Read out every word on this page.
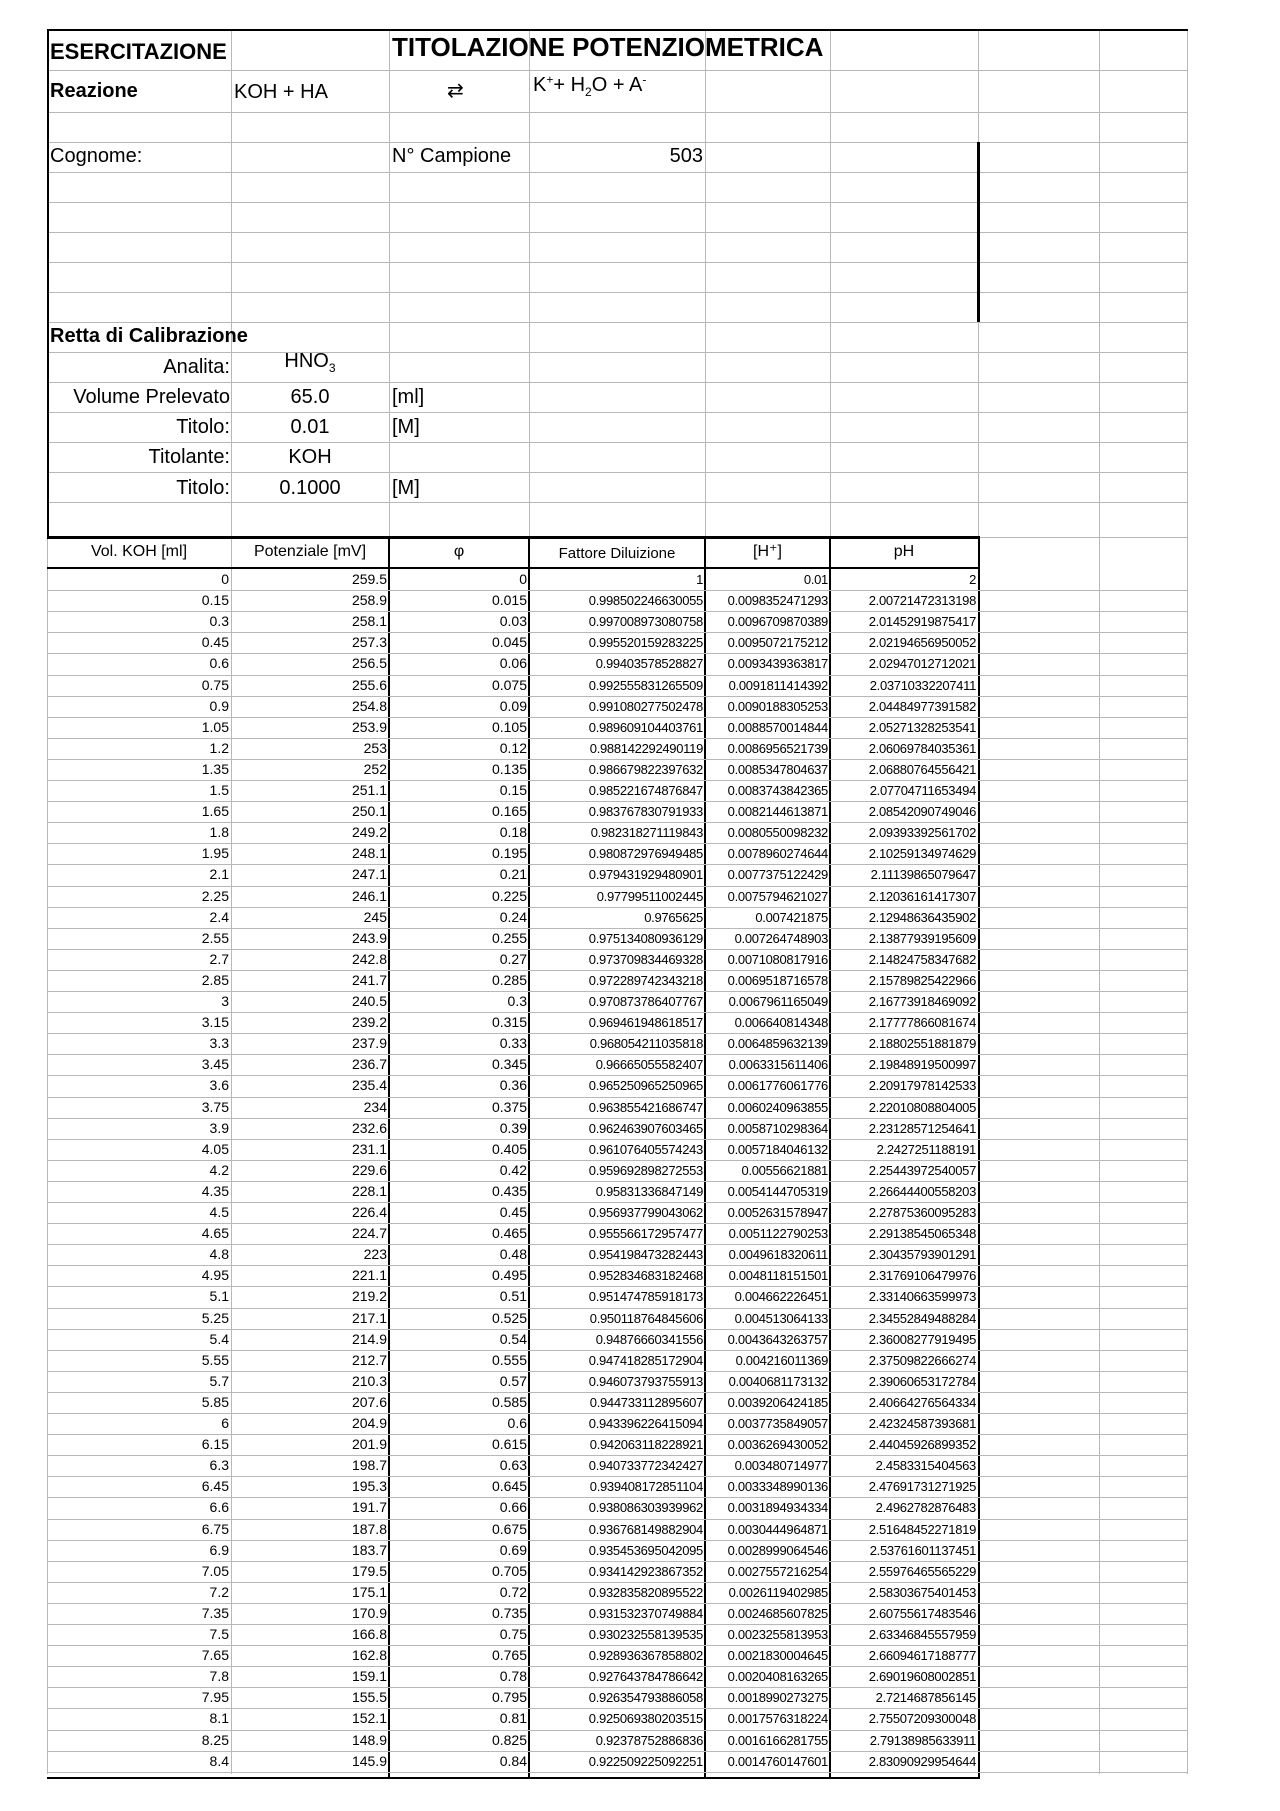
ESERCITAZIONE	TITOLAZIONE POTENZIOMETRICA
Reazione	KOH + HA	⇄	$K^++ H_2O + A^-$
Cognome:	N° Campione	503
Retta di Calibrazione
Analita:	$HNO_3$
Volume Prelevato	65.0	[ml]
Titolo:	0.01	[M]
Titolante:	KOH
Titolo:	0.1000	[M]
Vol. KOH [ml]	Potenziale [mV]	φ	Fattore Diluizione	[H⁺]	pH
0	259.5	0	1	0.01	2
0.15	258.9	0.015	0.998502246630055	0.0098352471293	2.00721472313198
0.3	258.1	0.03	0.997008973080758	0.0096709870389	2.01452919875417
0.45	257.3	0.045	0.995520159283225	0.0095072175212	2.02194656950052
0.6	256.5	0.06	0.99403578528827	0.0093439363817	2.02947012712021
0.75	255.6	0.075	0.992555831265509	0.0091811414392	2.03710332207411
0.9	254.8	0.09	0.991080277502478	0.0090188305253	2.04484977391582
1.05	253.9	0.105	0.989609104403761	0.0088570014844	2.05271328253541
1.2	253	0.12	0.988142292490119	0.0086956521739	2.06069784035361
1.35	252	0.135	0.986679822397632	0.0085347804637	2.06880764556421
1.5	251.1	0.15	0.985221674876847	0.0083743842365	2.07704711653494
1.65	250.1	0.165	0.983767830791933	0.0082144613871	2.08542090749046
1.8	249.2	0.18	0.982318271119843	0.0080550098232	2.09393392561702
1.95	248.1	0.195	0.980872976949485	0.0078960274644	2.10259134974629
2.1	247.1	0.21	0.979431929480901	0.0077375122429	2.11139865079647
2.25	246.1	0.225	0.97799511002445	0.0075794621027	2.12036161417307
2.4	245	0.24	0.9765625	0.007421875	2.12948636435902
2.55	243.9	0.255	0.975134080936129	0.007264748903	2.13877939195609
2.7	242.8	0.27	0.973709834469328	0.0071080817916	2.14824758347682
2.85	241.7	0.285	0.972289742343218	0.0069518716578	2.15789825422966
3	240.5	0.3	0.970873786407767	0.0067961165049	2.16773918469092
3.15	239.2	0.315	0.969461948618517	0.006640814348	2.17777866081674
3.3	237.9	0.33	0.968054211035818	0.0064859632139	2.18802551881879
3.45	236.7	0.345	0.96665055582407	0.0063315611406	2.19848919500997
3.6	235.4	0.36	0.965250965250965	0.0061776061776	2.20917978142533
3.75	234	0.375	0.963855421686747	0.0060240963855	2.22010808804005
3.9	232.6	0.39	0.962463907603465	0.0058710298364	2.23128571254641
4.05	231.1	0.405	0.961076405574243	0.0057184046132	2.2427251188191
4.2	229.6	0.42	0.959692898272553	0.00556621881	2.25443972540057
4.35	228.1	0.435	0.95831336847149	0.0054144705319	2.26644400558203
4.5	226.4	0.45	0.956937799043062	0.0052631578947	2.27875360095283
4.65	224.7	0.465	0.955566172957477	0.0051122790253	2.29138545065348
4.8	223	0.48	0.954198473282443	0.0049618320611	2.30435793901291
4.95	221.1	0.495	0.952834683182468	0.0048118151501	2.31769106479976
5.1	219.2	0.51	0.951474785918173	0.004662226451	2.33140663599973
5.25	217.1	0.525	0.950118764845606	0.004513064133	2.34552849488284
5.4	214.9	0.54	0.94876660341556	0.0043643263757	2.36008277919495
5.55	212.7	0.555	0.947418285172904	0.004216011369	2.37509822666274
5.7	210.3	0.57	0.946073793755913	0.0040681173132	2.39060653172784
5.85	207.6	0.585	0.944733112895607	0.0039206424185	2.40664276564334
6	204.9	0.6	0.943396226415094	0.0037735849057	2.42324587393681
6.15	201.9	0.615	0.942063118228921	0.0036269430052	2.44045926899352
6.3	198.7	0.63	0.940733772342427	0.003480714977	2.4583315404563
6.45	195.3	0.645	0.939408172851104	0.0033348990136	2.47691731271925
6.6	191.7	0.66	0.938086303939962	0.0031894934334	2.4962782876483
6.75	187.8	0.675	0.936768149882904	0.0030444964871	2.51648452271819
6.9	183.7	0.69	0.935453695042095	0.0028999064546	2.53761601137451
7.05	179.5	0.705	0.934142923867352	0.0027557216254	2.55976465565229
7.2	175.1	0.72	0.932835820895522	0.0026119402985	2.58303675401453
7.35	170.9	0.735	0.931532370749884	0.0024685607825	2.60755617483546
7.5	166.8	0.75	0.930232558139535	0.0023255813953	2.63346845557959
7.65	162.8	0.765	0.928936367858802	0.0021830004645	2.66094617188777
7.8	159.1	0.78	0.927643784786642	0.0020408163265	2.69019608002851
7.95	155.5	0.795	0.926354793886058	0.0018990273275	2.7214687856145
8.1	152.1	0.81	0.925069380203515	0.0017576318224	2.75507209300048
8.25	148.9	0.825	0.92378752886836	0.0016166281755	2.79138985633911
8.4	145.9	0.84	0.922509225092251	0.0014760147601	2.83090929954644
